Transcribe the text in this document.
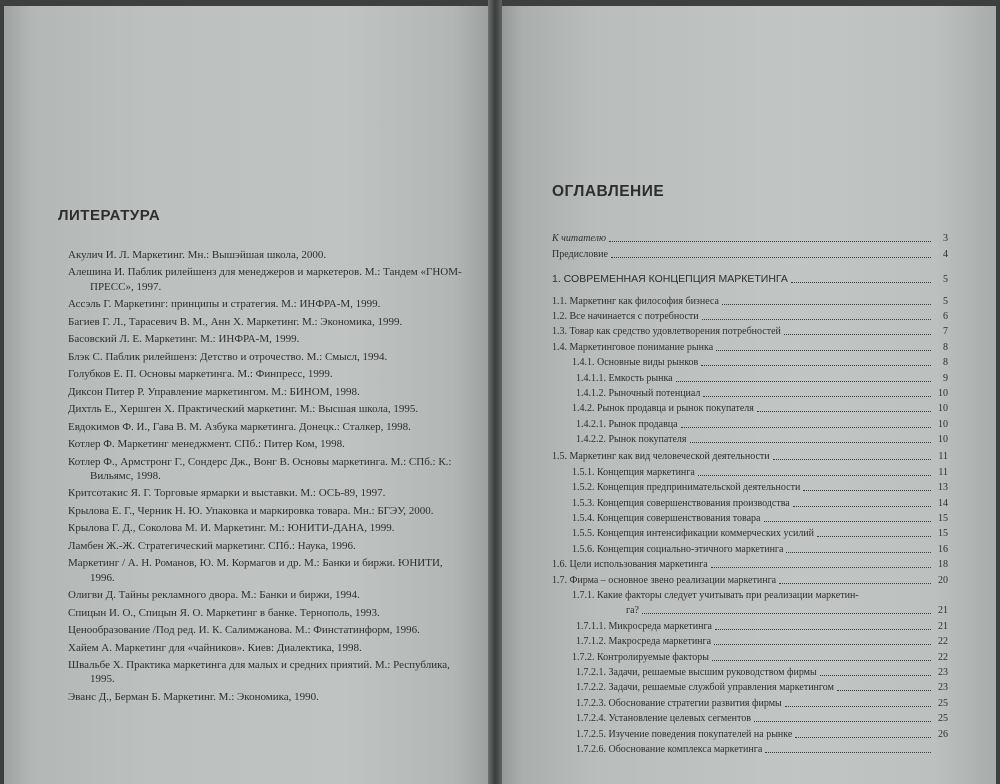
ЛИТЕРАТУРА
Акулич И. Л. Маркетинг. Мн.: Вышэйшая школа, 2000.
Алешина И. Паблик рилейшенз для менеджеров и маркетеров. М.: Тандем «ГНОМ-ПРЕСС», 1997.
Ассэль Г. Маркетинг: принципы и стратегия. М.: ИНФРА-М, 1999.
Багиев Г. Л., Тарасевич В. М., Анн Х. Маркетинг. М.: Экономика, 1999.
Басовский Л. Е. Маркетинг. М.: ИНФРА-М, 1999.
Блэк С. Паблик рилейшенз: Детство и отрочество. М.: Смысл, 1994.
Голубков Е. П. Основы маркетинга. М.: Финпресс, 1999.
Диксон Питер Р. Управление маркетингом. М.: БИНОМ, 1998.
Дихтль Е., Хершген Х. Практический маркетинг. М.: Высшая школа, 1995.
Евдокимов Ф. И., Гава В. М. Азбука маркетинга. Донецк.: Сталкер, 1998.
Котлер Ф. Маркетинг менеджмент. СПб.: Питер Ком, 1998.
Котлер Ф., Армстронг Г., Сондерс Дж., Вонг В. Основы маркетинга. М.: СПб.: К.: Вильямс, 1998.
Критсотакис Я. Г. Торговые ярмарки и выставки. М.: ОСЬ-89, 1997.
Крылова Е. Г., Черник Н. Ю. Упаковка и маркировка товара. Мн.: БГЭУ, 2000.
Крылова Г. Д., Соколова М. И. Маркетинг. М.: ЮНИТИ-ДАНА, 1999.
Ламбен Ж.-Ж. Стратегический маркетинг. СПб.: Наука, 1996.
Маркетинг / А. Н. Романов, Ю. М. Кормагов и др. М.: Банки и биржи. ЮНИТИ, 1996.
Олигви Д. Тайны рекламного двора. М.: Банки и биржи, 1994.
Спицын И. О., Спицын Я. О. Маркетинг в банке. Тернополь, 1993.
Ценообразование /Под ред. И. К. Салимжанова. М.: Финстатинформ, 1996.
Хайем А. Маркетинг для «чайников». Киев: Диалектика, 1998.
Швальбе Х. Практика маркетинга для малых и средних приятий. М.: Республика, 1995.
Эванс Д., Берман Б. Маркетинг. М.: Экономика, 1990.
ОГЛАВЛЕНИЕ
К читателю	3
Предисловие	4
1. СОВРЕМЕННАЯ КОНЦЕПЦИЯ МАРКЕТИНГА	5
1.1. Маркетинг как философия бизнеса	5
1.2. Все начинается с потребности	6
1.3. Товар как средство удовлетворения потребностей	7
1.4. Маркетинговое понимание рынка	8
1.4.1. Основные виды рынков	8
1.4.1.1. Емкость рынка	9
1.4.1.2. Рыночный потенциал	10
1.4.2. Рынок продавца и рынок покупателя	10
1.4.2.1. Рынок продавца	10
1.4.2.2. Рынок покупателя	10
1.5. Маркетинг как вид человеческой деятельности	11
1.5.1. Концепция маркетинга	11
1.5.2. Концепция предпринимательской деятельности	13
1.5.3. Концепция совершенствования производства	14
1.5.4. Концепция совершенствования товара	15
1.5.5. Концепция интенсификации коммерческих усилий	15
1.5.6. Концепция социально-этичного маркетинга	16
1.6. Цели использования маркетинга	18
1.7. Фирма – основное звено реализации маркетинга	20
1.7.1. Какие факторы следует учитывать при реализации маркетин-
га?	21
1.7.1.1. Микросреда маркетинга	21
1.7.1.2. Макросреда маркетинга	22
1.7.2. Контролируемые факторы	22
1.7.2.1. Задачи, решаемые высшим руководством фирмы	23
1.7.2.2. Задачи, решаемые службой управления маркетингом	23
1.7.2.3. Обоснование стратегии развития фирмы	25
1.7.2.4. Установление целевых сегментов	25
1.7.2.5. Изучение поведения покупателей на рынке	26
1.7.2.6. Обоснование комплекса маркетинга
